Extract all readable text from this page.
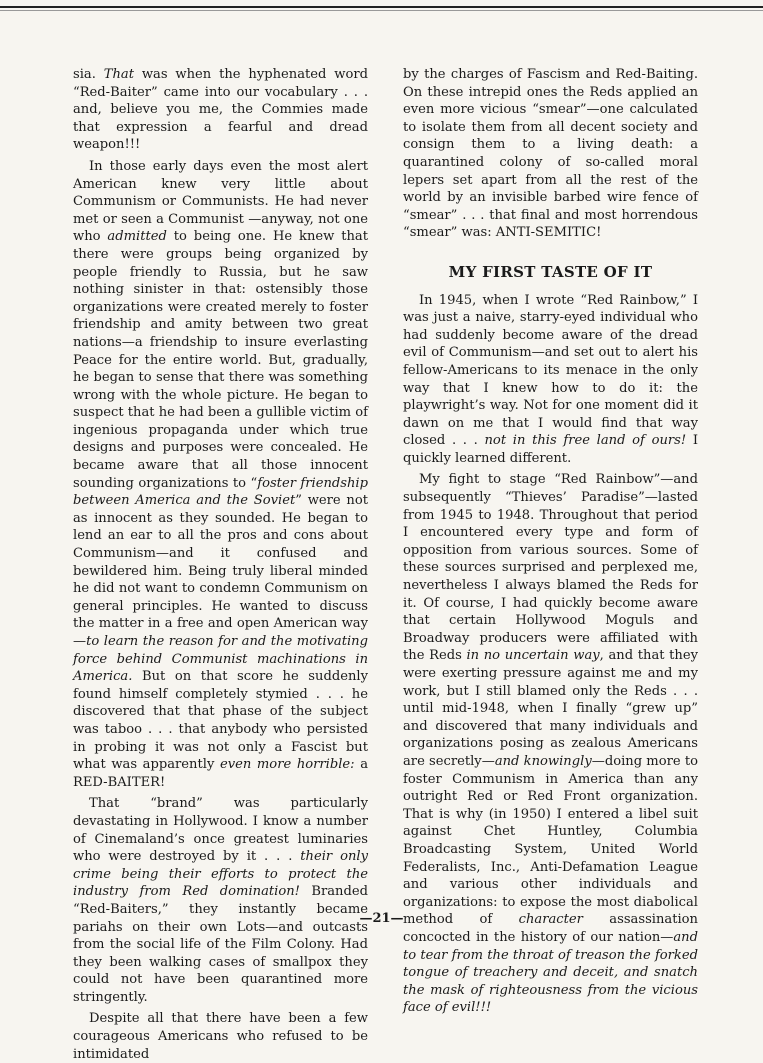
sia. That was when the hyphenated word “Red-Baiter” came into our vocabulary . . . and, believe you me, the Commies made that expression a fearful and dread weapon!!!

In those early days even the most alert American knew very little about Communism or Communists. He had never met or seen a Communist —anyway, not one who admitted to being one. He knew that there were groups being organized by people friendly to Russia, but he saw nothing sinister in that: ostensibly those organizations were created merely to foster friendship and amity between two great nations—a friendship to insure everlasting Peace for the entire world. But, gradually, he began to sense that there was something wrong with the whole picture. He began to suspect that he had been a gullible victim of ingenious propaganda under which true designs and purposes were concealed. He became aware that all those innocent sounding organizations to “foster friendship between America and the Soviet” were not as innocent as they sounded. He began to lend an ear to all the pros and cons about Communism—and it confused and bewildered him. Being truly liberal minded he did not want to condemn Communism on general principles. He wanted to discuss the matter in a free and open American way—to learn the reason for and the motivating force behind Communist machinations in America. But on that score he suddenly found himself completely stymied . . . he discovered that that phase of the subject was taboo . . . that anybody who persisted in probing it was not only a Fascist but what was apparently even more horrible: a RED-BAITER!

That “brand” was particularly devastating in Hollywood. I know a number of Cinemaland’s once greatest luminaries who were destroyed by it . . . their only crime being their efforts to protect the industry from Red domination! Branded “Red-Baiters,” they instantly became pariahs on their own Lots—and outcasts from the social life of the Film Colony. Had they been walking cases of smallpox they could not have been quarantined more stringently.

Despite all that there have been a few courageous Americans who refused to be intimidated

by the charges of Fascism and Red-Baiting. On these intrepid ones the Reds applied an even more vicious “smear”—one calculated to isolate them from all decent society and consign them to a living death: a quarantined colony of so-called moral lepers set apart from all the rest of the world by an invisible barbed wire fence of “smear” . . . that final and most horrendous “smear” was: ANTI-SEMITIC!

MY FIRST TASTE OF IT

In 1945, when I wrote “Red Rainbow,” I was just a naive, starry-eyed individual who had suddenly become aware of the dread evil of Communism—and set out to alert his fellow-Americans to its menace in the only way that I knew how to do it: the playwright’s way. Not for one moment did it dawn on me that I would find that way closed . . . not in this free land of ours! I quickly learned different.

My fight to stage “Red Rainbow”—and subsequently “Thieves’ Paradise”—lasted from 1945 to 1948. Throughout that period I encountered every type and form of opposition from various sources. Some of these sources surprised and perplexed me, nevertheless I always blamed the Reds for it. Of course, I had quickly become aware that certain Hollywood Moguls and Broadway producers were affiliated with the Reds in no uncertain way, and that they were exerting pressure against me and my work, but I still blamed only the Reds . . . until mid-1948, when I finally “grew up” and discovered that many individuals and organizations posing as zealous Americans are secretly—and knowingly—doing more to foster Communism in America than any outright Red or Red Front organization. That is why (in 1950) I entered a libel suit against Chet Huntley, Columbia Broadcasting System, United World Federalists, Inc., Anti-Defamation League and various other individuals and organizations: to expose the most diabolical method of character assassination concocted in the history of our nation—and to tear from the throat of treason the forked tongue of treachery and deceit, and snatch the mask of righteousness from the vicious face of evil!!!

—21—
